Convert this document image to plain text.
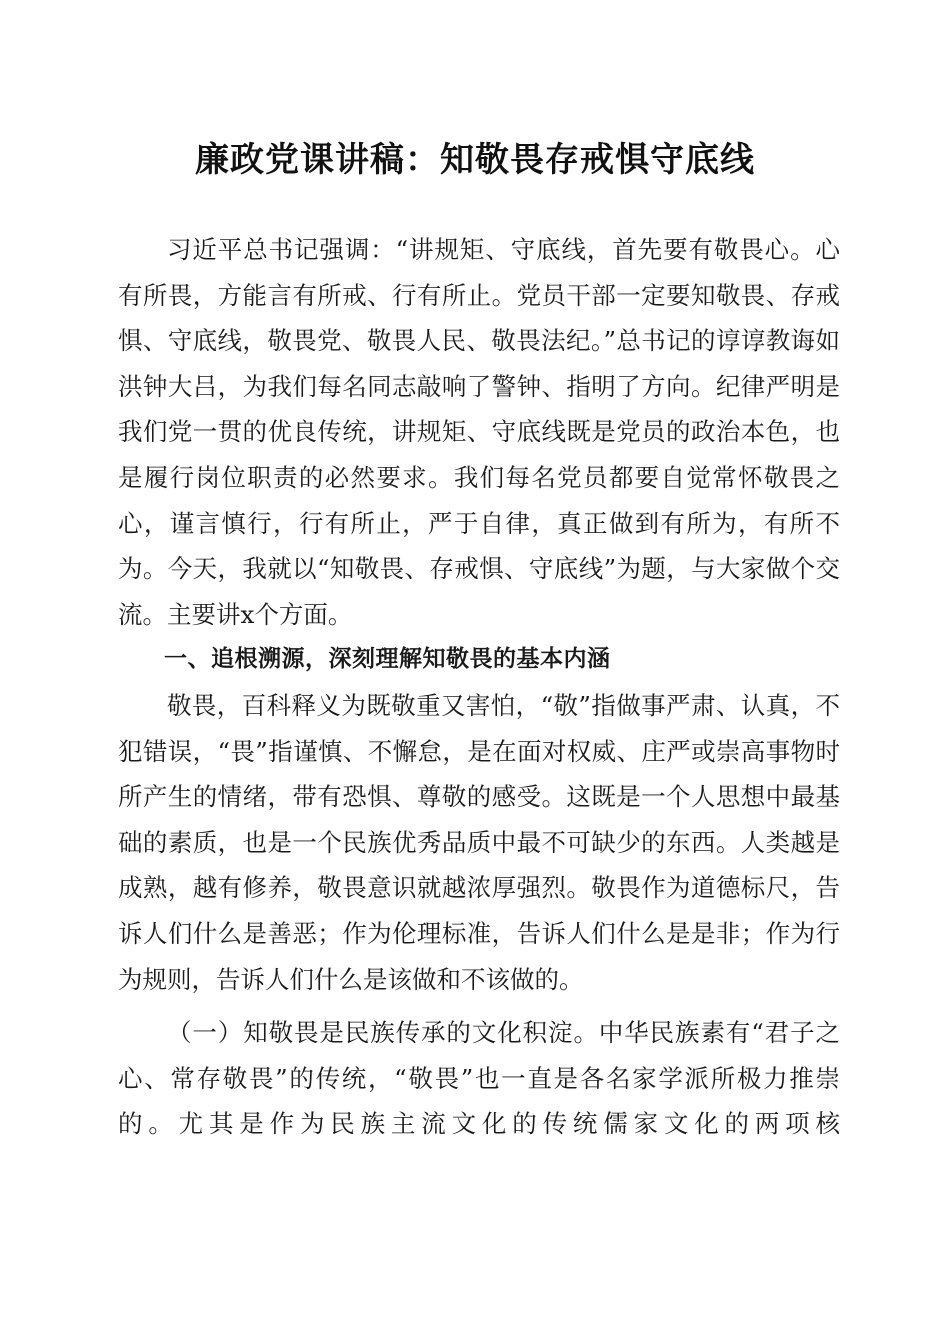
廉政党课讲稿：知敬畏存戒惧守底线

习近平总书记强调：“讲规矩、守底线，首先要有敬畏心。心有所畏，方能言有所戒、行有所止。党员干部一定要知敬畏、存戒惧、守底线，敬畏党、敬畏人民、敬畏法纪。”总书记的谆谆教诲如洪钟大吕，为我们每名同志敲响了警钟、指明了方向。纪律严明是我们党一贯的优良传统，讲规矩、守底线既是党员的政治本色，也是履行岗位职责的必然要求。我们每名党员都要自觉常怀敬畏之心，谨言慎行，行有所止，严于自律，真正做到有所为，有所不为。今天，我就以“知敬畏、存戒惧、守底线”为题，与大家做个交流。主要讲x个方面。

一、追根溯源，深刻理解知敬畏的基本内涵

敬畏，百科释义为既敬重又害怕，“敬”指做事严肃、认真，不犯错误，“畏”指谨慎、不懈怠，是在面对权威、庄严或崇高事物时所产生的情绪，带有恐惧、尊敬的感受。这既是一个人思想中最基础的素质，也是一个民族优秀品质中最不可缺少的东西。人类越是成熟，越有修养，敬畏意识就越浓厚强烈。敬畏作为道德标尺，告诉人们什么是善恶；作为伦理标准，告诉人们什么是是非；作为行为规则，告诉人们什么是该做和不该做的。

（一）知敬畏是民族传承的文化积淀。中华民族素有“君子之心、常存敬畏”的传统，“敬畏”也一直是各名家学派所极力推崇的。尤其是作为民族主流文化的传统儒家文化的两项核
